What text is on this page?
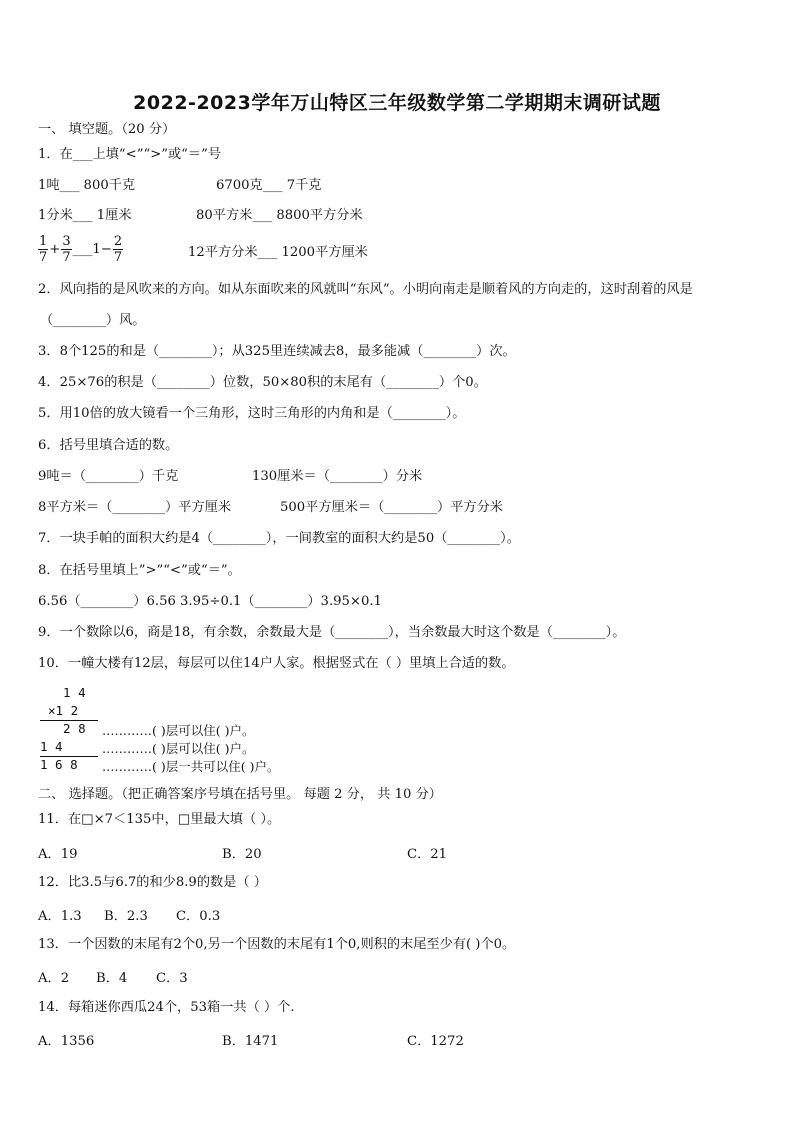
2022-2023学年万山特区三年级数学第二学期期末调研试题
一、 填空题。（20 分）
1．在___上填“<”“>”或“＝”号
1吨___ 800千克	6700克___ 7千克
1分米___ 1厘米	80平方米___ 8800平方分米
$\frac{1}{7} + \frac{3}{7}$ ___1− $\frac{2}{7}$	12平方分米___ 1200平方厘米
2．风向指的是风吹来的方向。如从东面吹来的风就叫“东风”。小明向南走是顺着风的方向走的，这时刮着的风是
（________）风。
3．8个125的和是（________）；从325里连续减去8，最多能减（________）次。
4．25×76的积是（________）位数，50×80积的末尾有（________）个0。
5．用10倍的放大镜看一个三角形，这时三角形的内角和是（________）。
6．括号里填合适的数。
9吨＝（________）千克	130厘米＝（________）分米
8平方米＝（________）平方厘米	500平方厘米＝（________）平方分米
7．一块手帕的面积大约是4（________），一间教室的面积大约是50（________）。
8．在括号里填上”>”“<”或“＝”。
6.56（________）6.56 3.95÷0.1（________）3.95×0.1
9．一个数除以6，商是18，有余数，余数最大是（________），当余数最大时这个数是（________）。
10．一幢大楼有12层，每层可以住14户人家。根据竖式在（ ）里填上合适的数。
1 4
×1 2
2 8
1 4
1 6 8
…………( )层可以住( )户。
…………( )层可以住( )户。
…………( )层一共可以住( )户。
二、 选择题。（把正确答案序号填在括号里。 每题 2 分， 共 10 分）
11．在□×7＜135中，□里最大填（ ）。
A．19	B．20	C．21
12．比3.5与6.7的和少8.9的数是（ ）
A．1.3 B．2.3 C．0.3
13．一个因数的末尾有2个0,另一个因数的末尾有1个0,则积的末尾至少有( )个0。
A．2 B．4 C．3
14．每箱迷你西瓜24个，53箱一共（ ）个.
A．1356	B．1471	C．1272
